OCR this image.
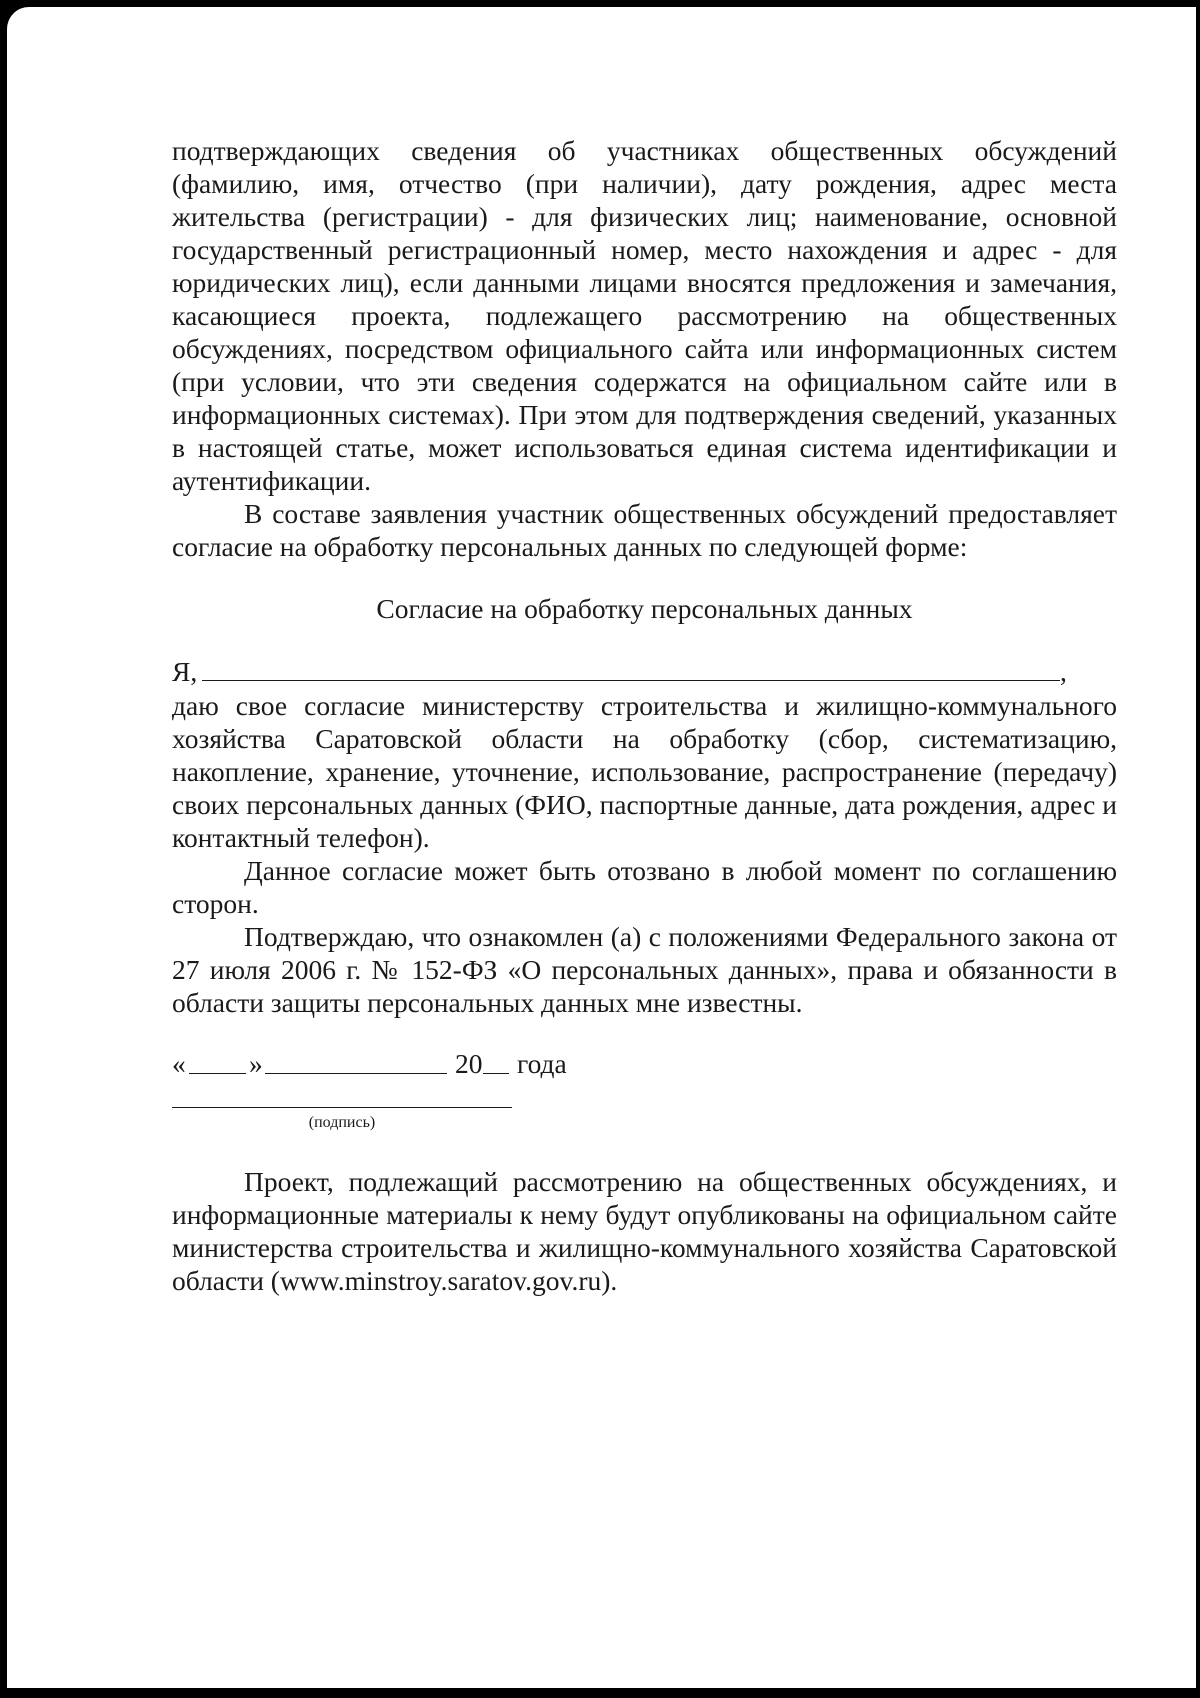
подтверждающих сведения об участниках общественных обсуждений (фамилию, имя, отчество (при наличии), дату рождения, адрес места жительства (регистрации) - для физических лиц; наименование, основной государственный регистрационный номер, место нахождения и адрес - для юридических лиц), если данными лицами вносятся предложения и замечания, касающиеся проекта, подлежащего рассмотрению на общественных обсуждениях, посредством официального сайта или информационных систем (при условии, что эти сведения содержатся на официальном сайте или в информационных системах). При этом для подтверждения сведений, указанных в настоящей статье, может использоваться единая система идентификации и аутентификации.

В составе заявления участник общественных обсуждений предоставляет согласие на обработку персональных данных по следующей форме:

Согласие на обработку персональных данных

Я,	,

даю свое согласие министерству строительства и жилищно-коммунального хозяйства Саратовской области на обработку (сбор, систематизацию, накопление, хранение, уточнение, использование, распространение (передачу) своих персональных данных (ФИО, паспортные данные, дата рождения, адрес и контактный телефон).

Данное согласие может быть отозвано в любой момент по соглашению сторон.

Подтверждаю, что ознакомлен (а) с положениями Федерального закона от 27 июля 2006 г. № 152-ФЗ «О персональных данных», права и обязанности в области защиты персональных данных мне известны.

« »	20 года
(подпись)

Проект, подлежащий рассмотрению на общественных обсуждениях, и информационные материалы к нему будут опубликованы на официальном сайте министерства строительства и жилищно-коммунального хозяйства Саратовской области (www.minstroy.saratov.gov.ru).
